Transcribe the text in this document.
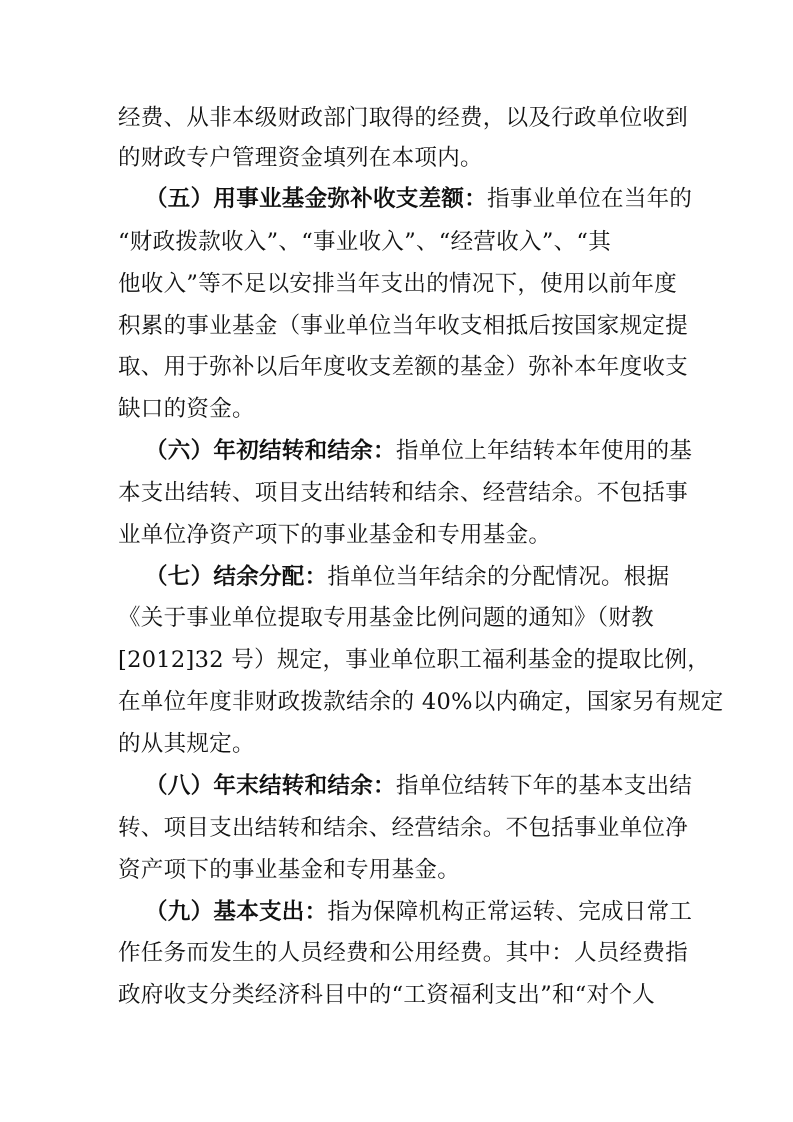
经费、从非本级财政部门取得的经费，以及行政单位收到
的财政专户管理资金填列在本项内。
（五）用事业基金弥补收支差额：指事业单位在当年的
“财政拨款收入”、“事业收入”、“经营收入”、“其
他收入”等不足以安排当年支出的情况下，使用以前年度
积累的事业基金（事业单位当年收支相抵后按国家规定提
取、用于弥补以后年度收支差额的基金）弥补本年度收支
缺口的资金。
（六）年初结转和结余：指单位上年结转本年使用的基
本支出结转、项目支出结转和结余、经营结余。不包括事
业单位净资产项下的事业基金和专用基金。
（七）结余分配：指单位当年结余的分配情况。根据
《关于事业单位提取专用基金比例问题的通知》（财教
[2012]32 号）规定，事业单位职工福利基金的提取比例，
在单位年度非财政拨款结余的 40%以内确定，国家另有规定
的从其规定。
（八）年末结转和结余：指单位结转下年的基本支出结
转、项目支出结转和结余、经营结余。不包括事业单位净
资产项下的事业基金和专用基金。
（九）基本支出：指为保障机构正常运转、完成日常工
作任务而发生的人员经费和公用经费。其中：人员经费指
政府收支分类经济科目中的“工资福利支出”和“对个人
